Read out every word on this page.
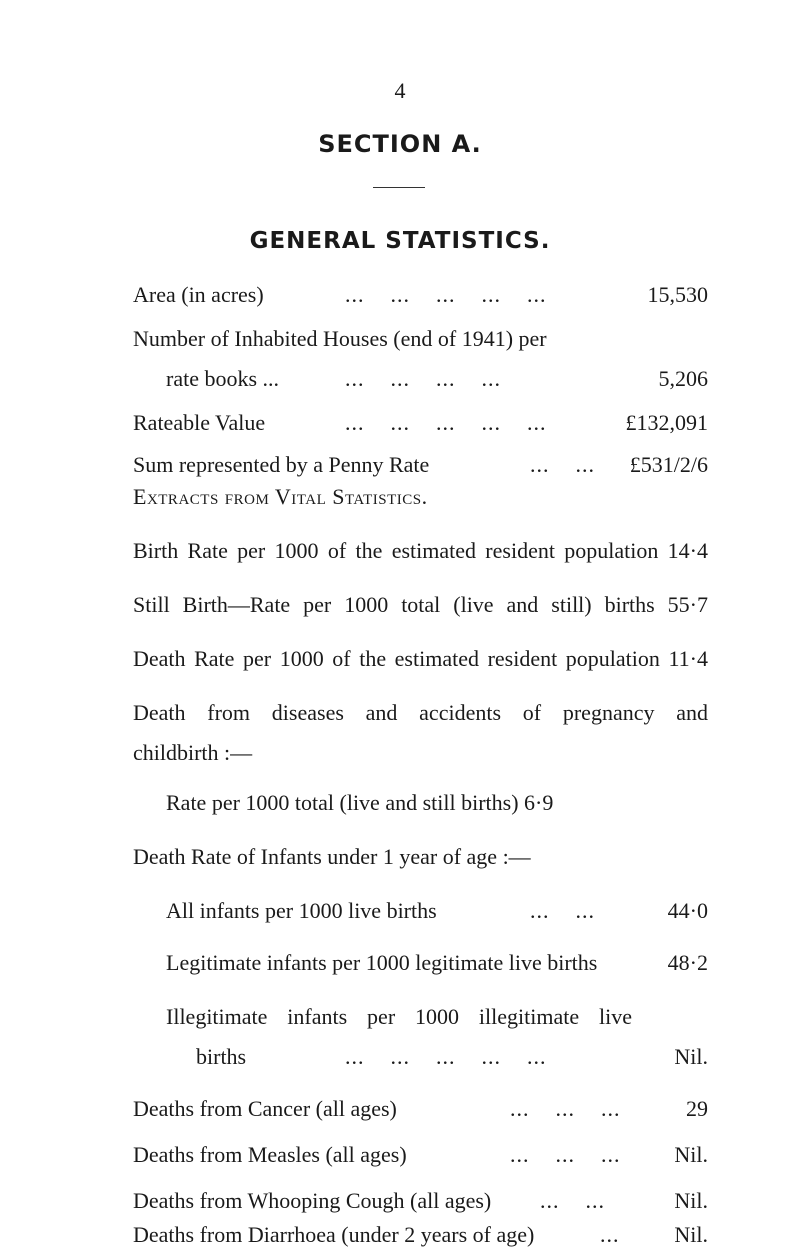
4
SECTION A.
GENERAL STATISTICS.
Area (in acres)	...    ...    ...    ...    ...	15,530
Number of Inhabited Houses (end of 1941) per
rate books ...	...    ...    ...    ...	5,206
Rateable Value	...    ...    ...    ...    ...	£132,091
Sum represented by a Penny Rate	...    ... £531/2/6
Extracts from Vital Statistics.
Birth Rate per 1000 of the estimated resident population 14·4
Still Birth—Rate per 1000 total (live and still) births 55·7
Death Rate per 1000 of the estimated resident population 11·4
Death from diseases and accidents of pregnancy and
childbirth :—
Rate per 1000 total (live and still births) 6·9
Death Rate of Infants under 1 year of age :—
All infants per 1000 live births	...    ...	44·0
Legitimate infants per 1000 legitimate live births	48·2
Illegitimate infants per 1000 illegitimate live
births	...    ...    ...    ...    ...	Nil.
Deaths from Cancer (all ages)	...    ...    ...	29
Deaths from Measles (all ages)	...    ...    ... Nil.
Deaths from Whooping Cough (all ages) ...    ...	Nil.
Deaths from Diarrhoea (under 2 years of age)	... Nil.
